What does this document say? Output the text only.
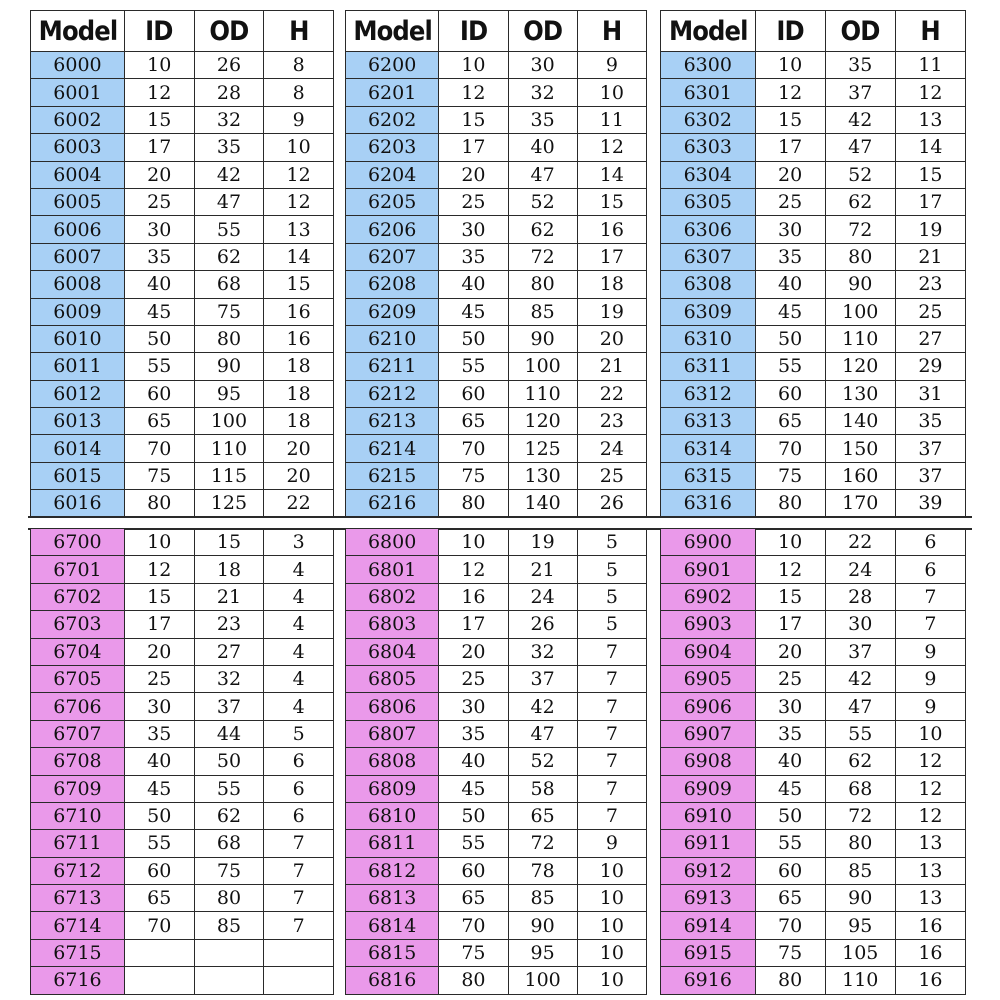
Model	ID	OD	H
6000	10	26	8
6001	12	28	8
6002	15	32	9
6003	17	35	10
6004	20	42	12
6005	25	47	12
6006	30	55	13
6007	35	62	14
6008	40	68	15
6009	45	75	16
6010	50	80	16
6011	55	90	18
6012	60	95	18
6013	65	100	18
6014	70	110	20
6015	75	115	20
6016	80	125	22
Model	ID	OD	H
6200	10	30	9
6201	12	32	10
6202	15	35	11
6203	17	40	12
6204	20	47	14
6205	25	52	15
6206	30	62	16
6207	35	72	17
6208	40	80	18
6209	45	85	19
6210	50	90	20
6211	55	100	21
6212	60	110	22
6213	65	120	23
6214	70	125	24
6215	75	130	25
6216	80	140	26
Model	ID	OD	H
6300	10	35	11
6301	12	37	12
6302	15	42	13
6303	17	47	14
6304	20	52	15
6305	25	62	17
6306	30	72	19
6307	35	80	21
6308	40	90	23
6309	45	100	25
6310	50	110	27
6311	55	120	29
6312	60	130	31
6313	65	140	35
6314	70	150	37
6315	75	160	37
6316	80	170	39
6700	10	15	3
6701	12	18	4
6702	15	21	4
6703	17	23	4
6704	20	27	4
6705	25	32	4
6706	30	37	4
6707	35	44	5
6708	40	50	6
6709	45	55	6
6710	50	62	6
6711	55	68	7
6712	60	75	7
6713	65	80	7
6714	70	85	7
6715			
6716			
6800	10	19	5
6801	12	21	5
6802	16	24	5
6803	17	26	5
6804	20	32	7
6805	25	37	7
6806	30	42	7
6807	35	47	7
6808	40	52	7
6809	45	58	7
6810	50	65	7
6811	55	72	9
6812	60	78	10
6813	65	85	10
6814	70	90	10
6815	75	95	10
6816	80	100	10
6900	10	22	6
6901	12	24	6
6902	15	28	7
6903	17	30	7
6904	20	37	9
6905	25	42	9
6906	30	47	9
6907	35	55	10
6908	40	62	12
6909	45	68	12
6910	50	72	12
6911	55	80	13
6912	60	85	13
6913	65	90	13
6914	70	95	16
6915	75	105	16
6916	80	110	16
